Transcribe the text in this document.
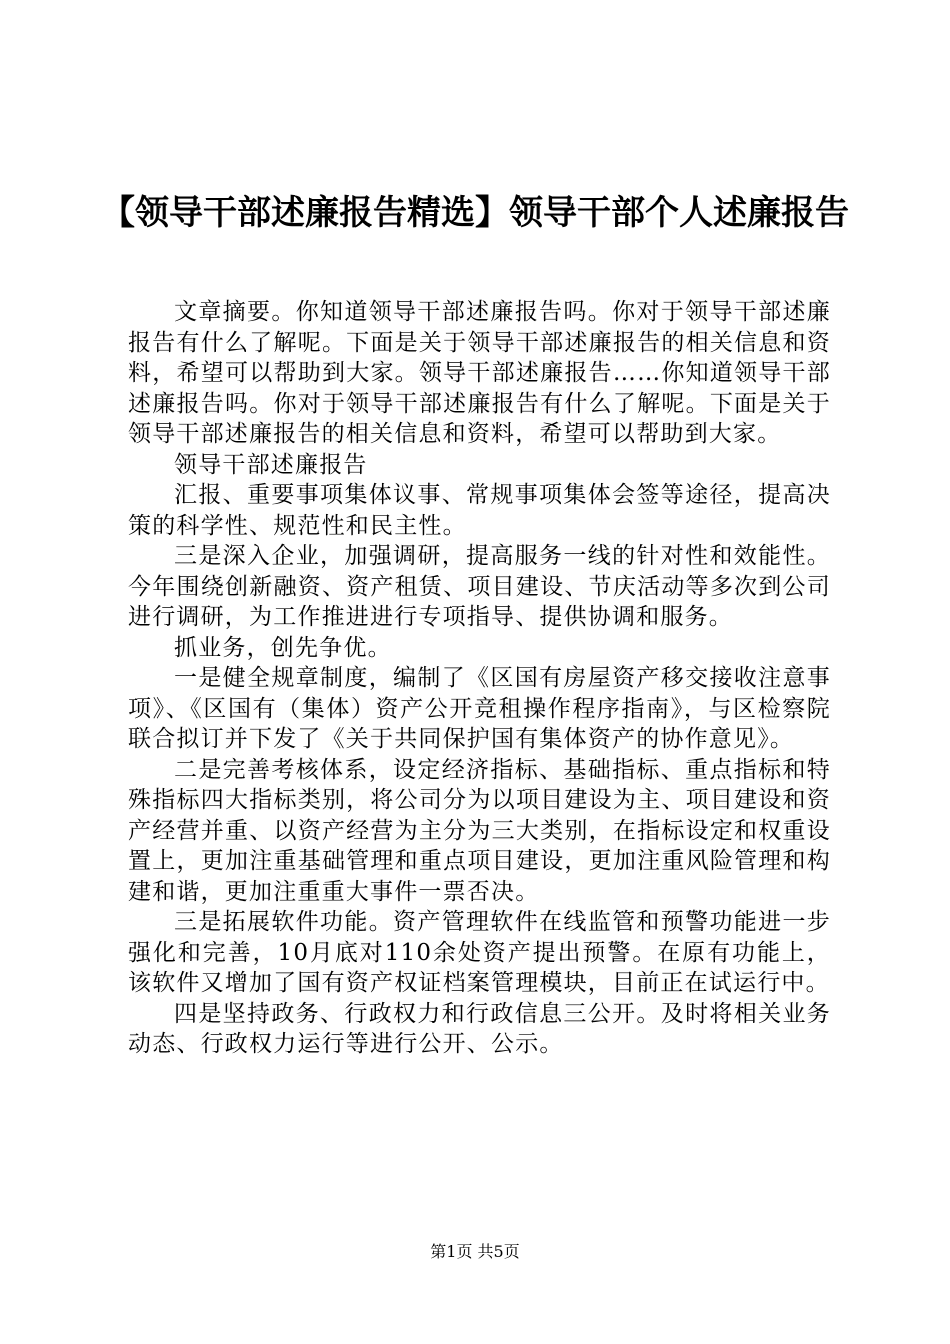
【领导干部述廉报告精选】领导干部个人述廉报告

文章摘要。你知道领导干部述廉报告吗。你对于领导干部述廉报告有什么了解呢。下面是关于领导干部述廉报告的相关信息和资料，希望可以帮助到大家。领导干部述廉报告……你知道领导干部述廉报告吗。你对于领导干部述廉报告有什么了解呢。下面是关于领导干部述廉报告的相关信息和资料，希望可以帮助到大家。

领导干部述廉报告

汇报、重要事项集体议事、常规事项集体会签等途径，提高决策的科学性、规范性和民主性。

三是深入企业，加强调研，提高服务一线的针对性和效能性。今年围绕创新融资、资产租赁、项目建设、节庆活动等多次到公司进行调研，为工作推进进行专项指导、提供协调和服务。

抓业务，创先争优。

一是健全规章制度，编制了《区国有房屋资产移交接收注意事项》、《区国有（集体）资产公开竞租操作程序指南》，与区检察院联合拟订并下发了《关于共同保护国有集体资产的协作意见》。

二是完善考核体系，设定经济指标、基础指标、重点指标和特殊指标四大指标类别，将公司分为以项目建设为主、项目建设和资产经营并重、以资产经营为主分为三大类别，在指标设定和权重设置上，更加注重基础管理和重点项目建设，更加注重风险管理和构建和谐，更加注重重大事件一票否决。

三是拓展软件功能。资产管理软件在线监管和预警功能进一步强化和完善，10月底对110余处资产提出预警。在原有功能上，该软件又增加了国有资产权证档案管理模块，目前正在试运行中。

四是坚持政务、行政权力和行政信息三公开。及时将相关业务动态、行政权力运行等进行公开、公示。

第1页 共5页
